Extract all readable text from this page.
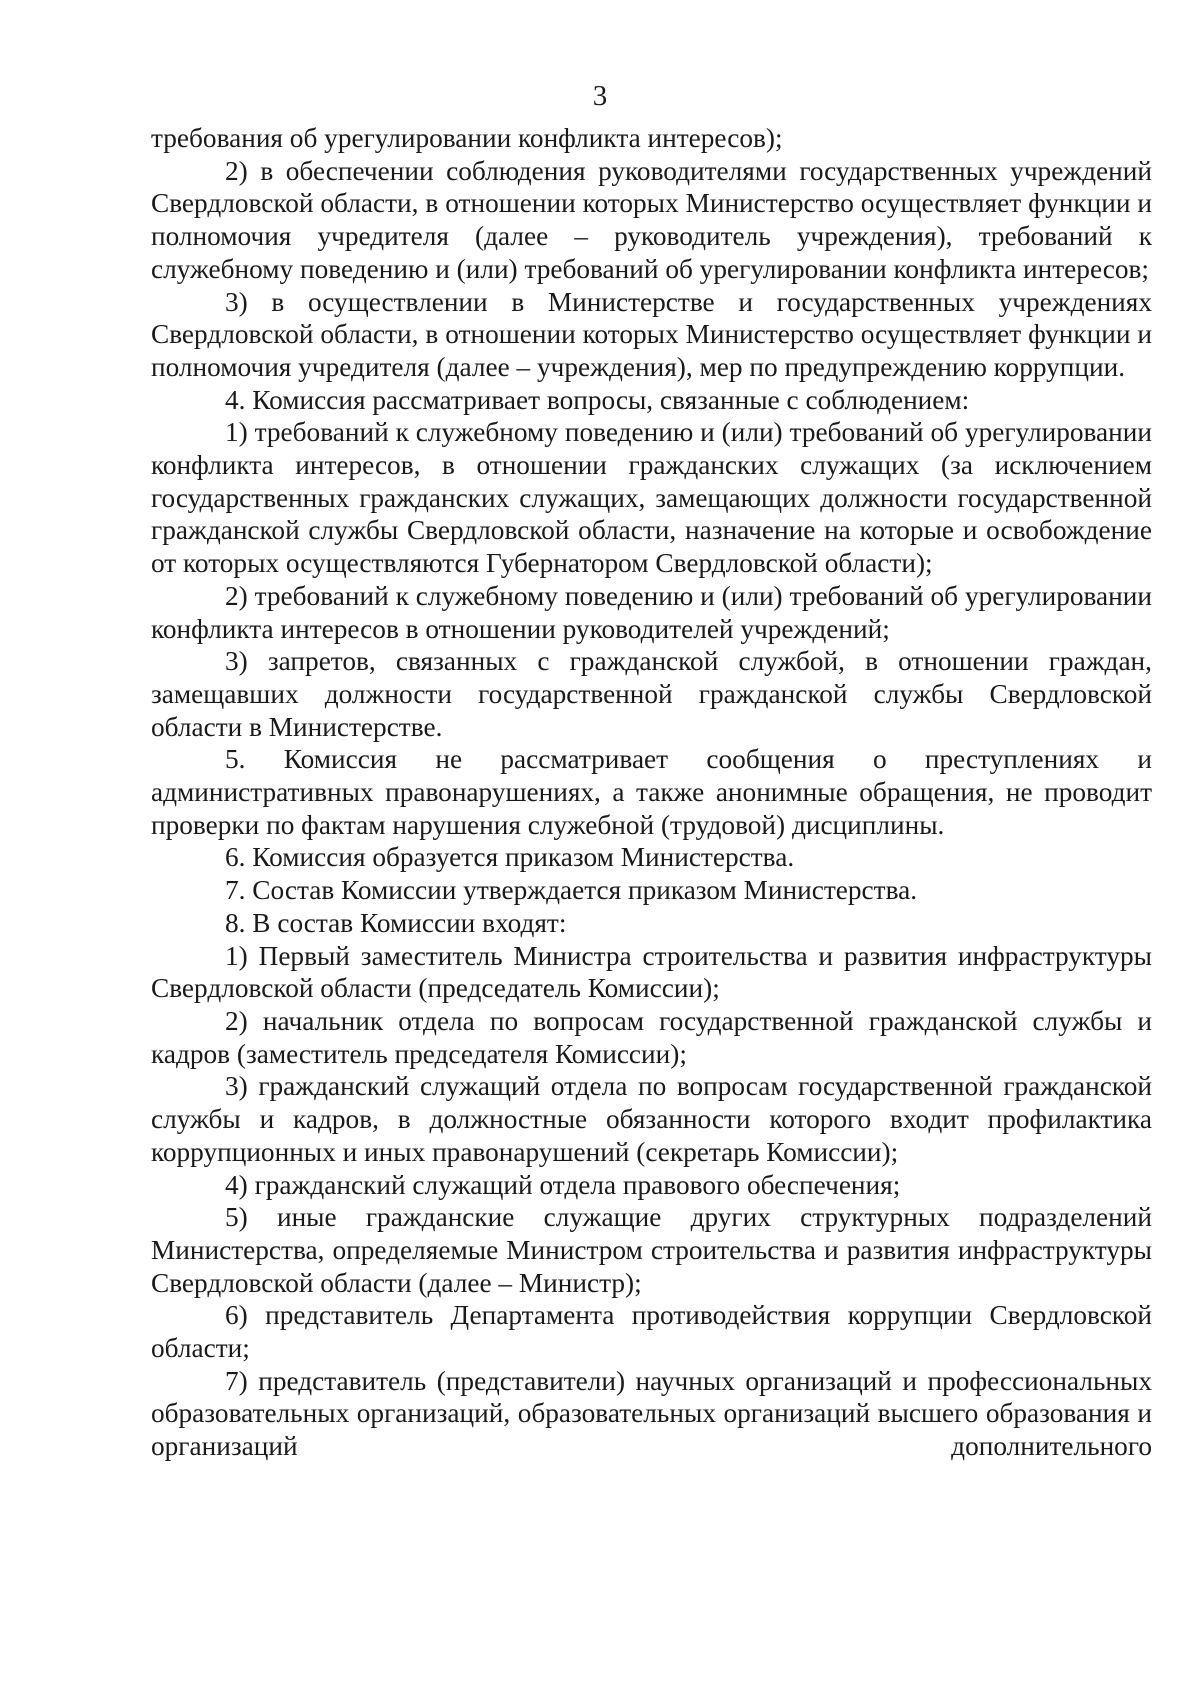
3

требования об урегулировании конфликта интересов);

2) в обеспечении соблюдения руководителями государственных учреждений Свердловской области, в отношении которых Министерство осуществляет функции и полномочия учредителя (далее – руководитель учреждения), требований к служебному поведению и (или) требований об урегулировании конфликта интересов;

3) в осуществлении в Министерстве и государственных учреждениях Свердловской области, в отношении которых Министерство осуществляет функции и полномочия учредителя (далее – учреждения), мер по предупреждению коррупции.

4. Комиссия рассматривает вопросы, связанные с соблюдением:

1) требований к служебному поведению и (или) требований об урегулировании конфликта интересов, в отношении гражданских служащих (за исключением государственных гражданских служащих, замещающих должности государственной гражданской службы Свердловской области, назначение на которые и освобождение от которых осуществляются Губернатором Свердловской области);

2) требований к служебному поведению и (или) требований об урегулировании конфликта интересов в отношении руководителей учреждений;

3) запретов, связанных с гражданской службой, в отношении граждан, замещавших должности государственной гражданской службы Свердловской области в Министерстве.

5. Комиссия не рассматривает сообщения о преступлениях и административных правонарушениях, а также анонимные обращения, не проводит проверки по фактам нарушения служебной (трудовой) дисциплины.

6. Комиссия образуется приказом Министерства.

7. Состав Комиссии утверждается приказом Министерства.

8. В состав Комиссии входят:

1) Первый заместитель Министра строительства и развития инфраструктуры Свердловской области (председатель Комиссии);

2) начальник отдела по вопросам государственной гражданской службы и кадров (заместитель председателя Комиссии);

3) гражданский служащий отдела по вопросам государственной гражданской службы и кадров, в должностные обязанности которого входит профилактика коррупционных и иных правонарушений (секретарь Комиссии);

4) гражданский служащий отдела правового обеспечения;

5) иные гражданские служащие других структурных подразделений Министерства, определяемые Министром строительства и развития инфраструктуры Свердловской области (далее – Министр);

6) представитель Департамента противодействия коррупции Свердловской области;

7) представитель (представители) научных организаций и профессиональных образовательных организаций, образовательных организаций высшего образования и организаций дополнительного
